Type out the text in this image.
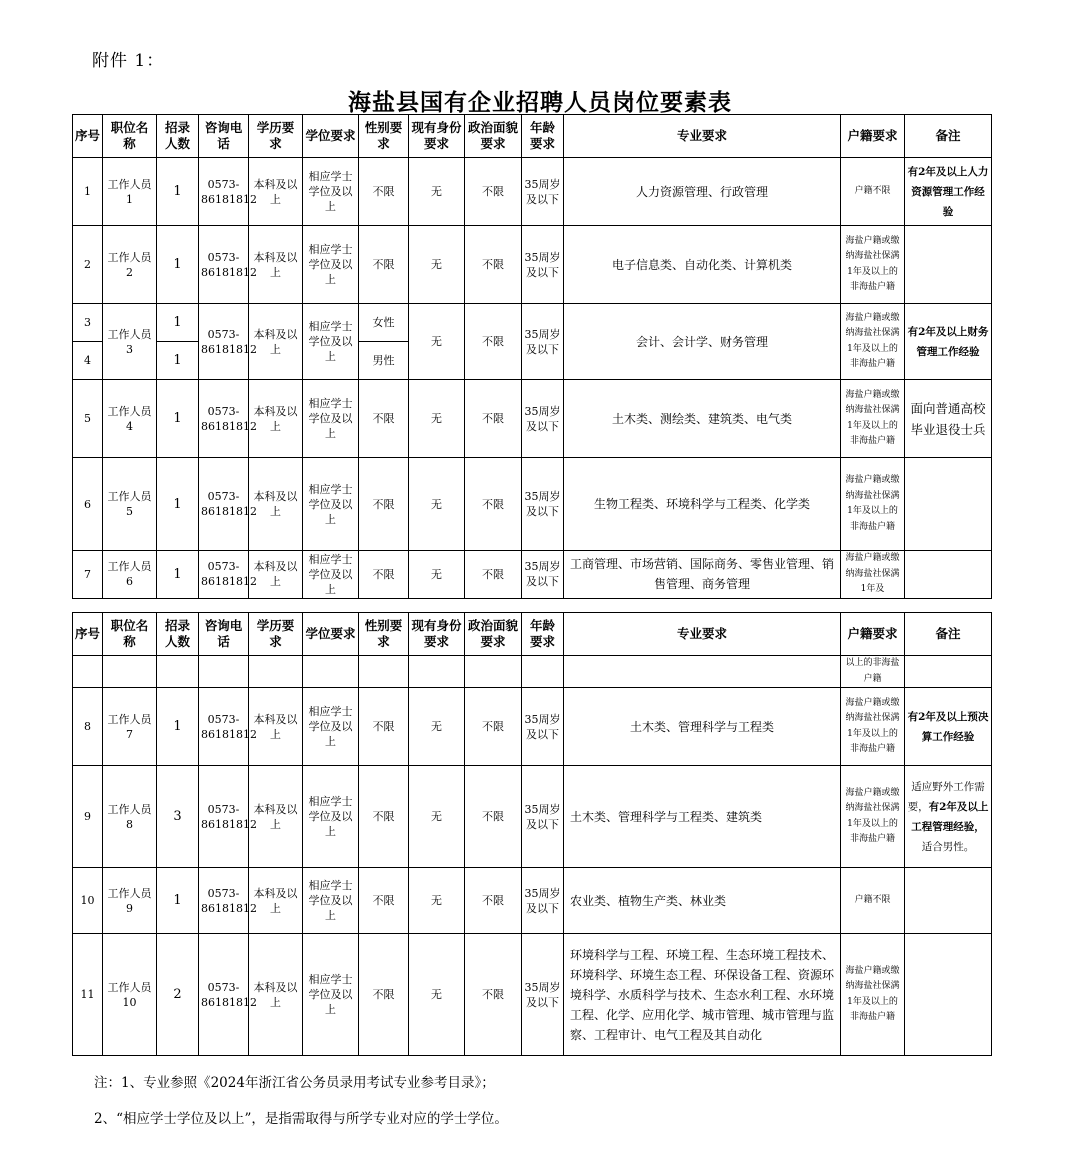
附件 1：
海盐县国有企业招聘人员岗位要素表
序号	职位名称	招录人数	咨询电话	学历要求	学位要求	性别要求	现有身份要求	政治面貌要求	年龄要求	专业要求	户籍要求	备注
1	工作人员1	1	0573-86181812	本科及以上	相应学士学位及以上	不限	无	不限	35周岁及以下	人力资源管理、行政管理	户籍不限	有2年及以上人力资源管理工作经验
2	工作人员2	1	0573-86181812	本科及以上	相应学士学位及以上	不限	无	不限	35周岁及以下	电子信息类、自动化类、计算机类	海盐户籍或缴纳海盐社保满1年及以上的非海盐户籍	
3	工作人员3	1	0573-86181812	本科及以上	相应学士学位及以上	女性	无	不限	35周岁及以下	会计、会计学、财务管理	海盐户籍或缴纳海盐社保满1年及以上的非海盐户籍	有2年及以上财务管理工作经验
4		1				男性						
5	工作人员4	1	0573-86181812	本科及以上	相应学士学位及以上	不限	无	不限	35周岁及以下	土木类、测绘类、建筑类、电气类	海盐户籍或缴纳海盐社保满1年及以上的非海盐户籍	面向普通高校毕业退役士兵
6	工作人员5	1	0573-86181812	本科及以上	相应学士学位及以上	不限	无	不限	35周岁及以下	生物工程类、环境科学与工程类、化学类	海盐户籍或缴纳海盐社保满1年及以上的非海盐户籍	
7	工作人员6	1	0573-86181812	本科及以上	相应学士学位及以上	不限	无	不限	35周岁及以下	工商管理、市场营销、国际商务、零售业管理、销售管理、商务管理	海盐户籍或缴纳海盐社保满1年及	
序号	职位名称	招录人数	咨询电话	学历要求	学位要求	性别要求	现有身份要求	政治面貌要求	年龄要求	专业要求	户籍要求	备注
											以上的非海盐户籍	
8	工作人员7	1	0573-86181812	本科及以上	相应学士学位及以上	不限	无	不限	35周岁及以下	土木类、管理科学与工程类	海盐户籍或缴纳海盐社保满1年及以上的非海盐户籍	有2年及以上预决算工作经验
9	工作人员8	3	0573-86181812	本科及以上	相应学士学位及以上	不限	无	不限	35周岁及以下	土木类、管理科学与工程类、建筑类	海盐户籍或缴纳海盐社保满1年及以上的非海盐户籍	适应野外工作需要，有2年及以上工程管理经验，适合男性。
10	工作人员9	1	0573-86181812	本科及以上	相应学士学位及以上	不限	无	不限	35周岁及以下	农业类、植物生产类、林业类	户籍不限	
11	工作人员10	2	0573-86181812	本科及以上	相应学士学位及以上	不限	无	不限	35周岁及以下	环境科学与工程、环境工程、生态环境工程技术、环境科学、环境生态工程、环保设备工程、资源环境科学、水质科学与技术、生态水利工程、水环境工程、化学、应用化学、城市管理、城市管理与监察、工程审计、电气工程及其自动化	海盐户籍或缴纳海盐社保满1年及以上的非海盐户籍	
注：1、专业参照《2024年浙江省公务员录用考试专业参考目录》；
2、“相应学士学位及以上”，是指需取得与所学专业对应的学士学位。
